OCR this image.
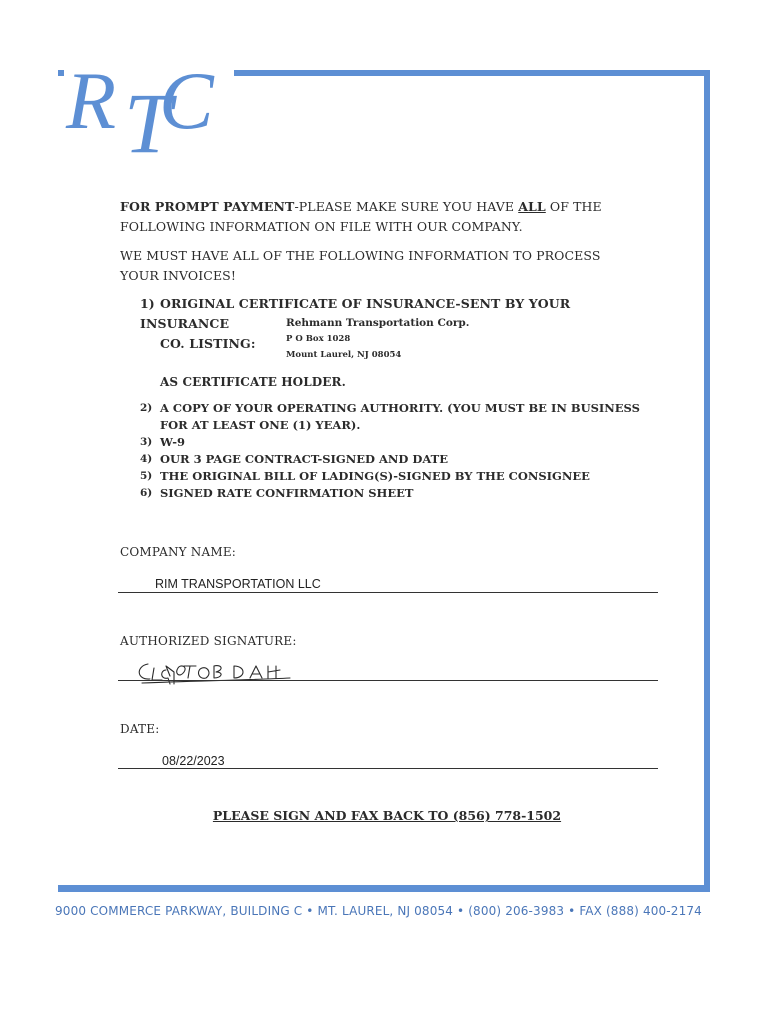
R T
C
FOR PROMPT PAYMENT-PLEASE MAKE SURE YOU HAVE ALL OF THE FOLLOWING INFORMATION ON FILE WITH OUR COMPANY.
WE MUST HAVE ALL OF THE FOLLOWING INFORMATION TO PROCESS YOUR INVOICES!
1) ORIGINAL CERTIFICATE OF INSURANCE-SENT BY YOUR INSURANCE
CO. LISTING:
Rehmann Transportation Corp.
P O Box 1028
Mount Laurel, NJ 08054
AS CERTIFICATE HOLDER.
2) A COPY OF YOUR OPERATING AUTHORITY. (YOU MUST BE IN BUSINESS FOR AT LEAST ONE (1) YEAR).
3) W-9
4) OUR 3 PAGE CONTRACT-SIGNED AND DATE
5) THE ORIGINAL BILL OF LADING(S)-SIGNED BY THE CONSIGNEE
6) SIGNED RATE CONFIRMATION SHEET
COMPANY NAME:
RIM TRANSPORTATION LLC
AUTHORIZED SIGNATURE:
DATE:
08/22/2023
PLEASE SIGN AND FAX BACK TO (856) 778-1502
9000 COMMERCE PARKWAY, BUILDING C • MT. LAUREL, NJ 08054 • (800) 206-3983 • FAX (888) 400-2174
